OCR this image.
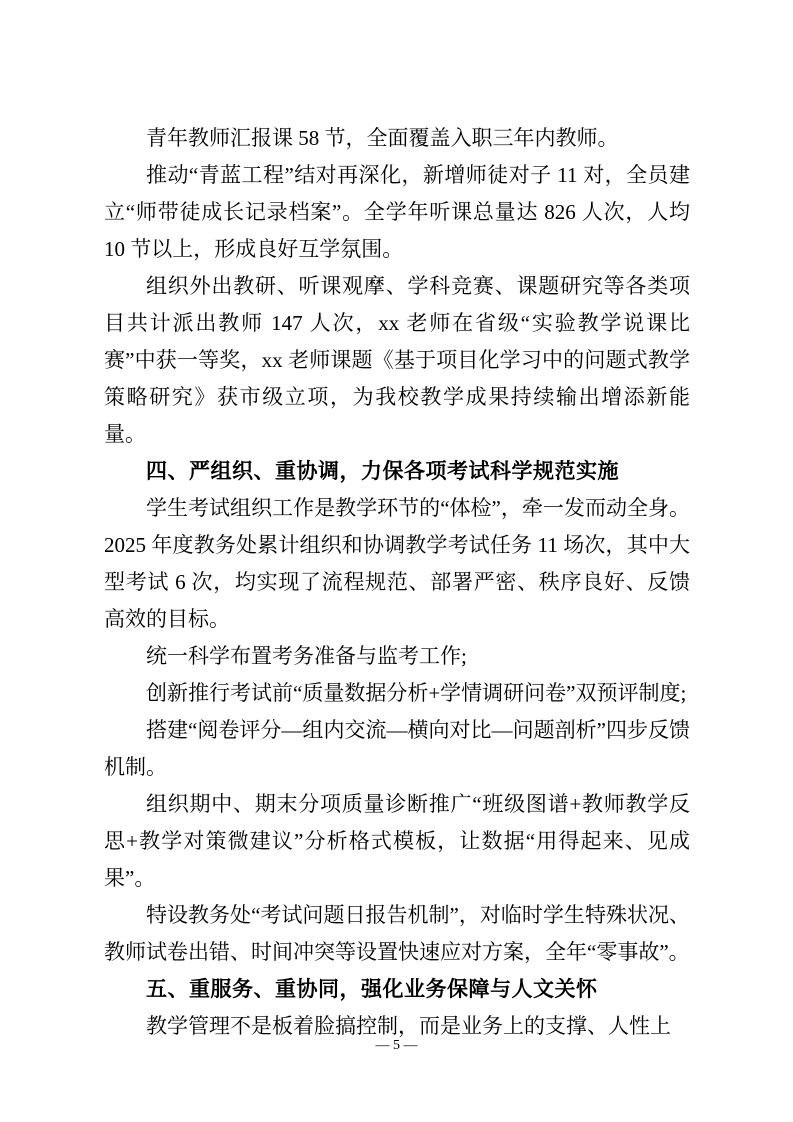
青年教师汇报课 58 节，全面覆盖入职三年内教师。

推动“青蓝工程”结对再深化，新增师徒对子 11 对，全员建立“师带徒成长记录档案”。全学年听课总量达 826 人次，人均 10 节以上，形成良好互学氛围。

组织外出教研、听课观摩、学科竞赛、课题研究等各类项目共计派出教师 147 人次，xx 老师在省级“实验教学说课比赛”中获一等奖，xx 老师课题《基于项目化学习中的问题式教学策略研究》获市级立项，为我校教学成果持续输出增添新能量。

四、严组织、重协调，力保各项考试科学规范实施

学生考试组织工作是教学环节的“体检”，牵一发而动全身。2025 年度教务处累计组织和协调教学考试任务 11 场次，其中大型考试 6 次，均实现了流程规范、部署严密、秩序良好、反馈高效的目标。

统一科学布置考务准备与监考工作;

创新推行考试前“质量数据分析+学情调研问卷”双预评制度;

搭建“阅卷评分—组内交流—横向对比—问题剖析”四步反馈机制。

组织期中、期末分项质量诊断推广“班级图谱+教师教学反思+教学对策微建议”分析格式模板，让数据“用得起来、见成果”。

特设教务处“考试问题日报告机制”，对临时学生特殊状况、教师试卷出错、时间冲突等设置快速应对方案，全年“零事故”。

五、重服务、重协同，强化业务保障与人文关怀

教学管理不是板着脸搞控制，而是业务上的支撑、人性上

— 5 —
